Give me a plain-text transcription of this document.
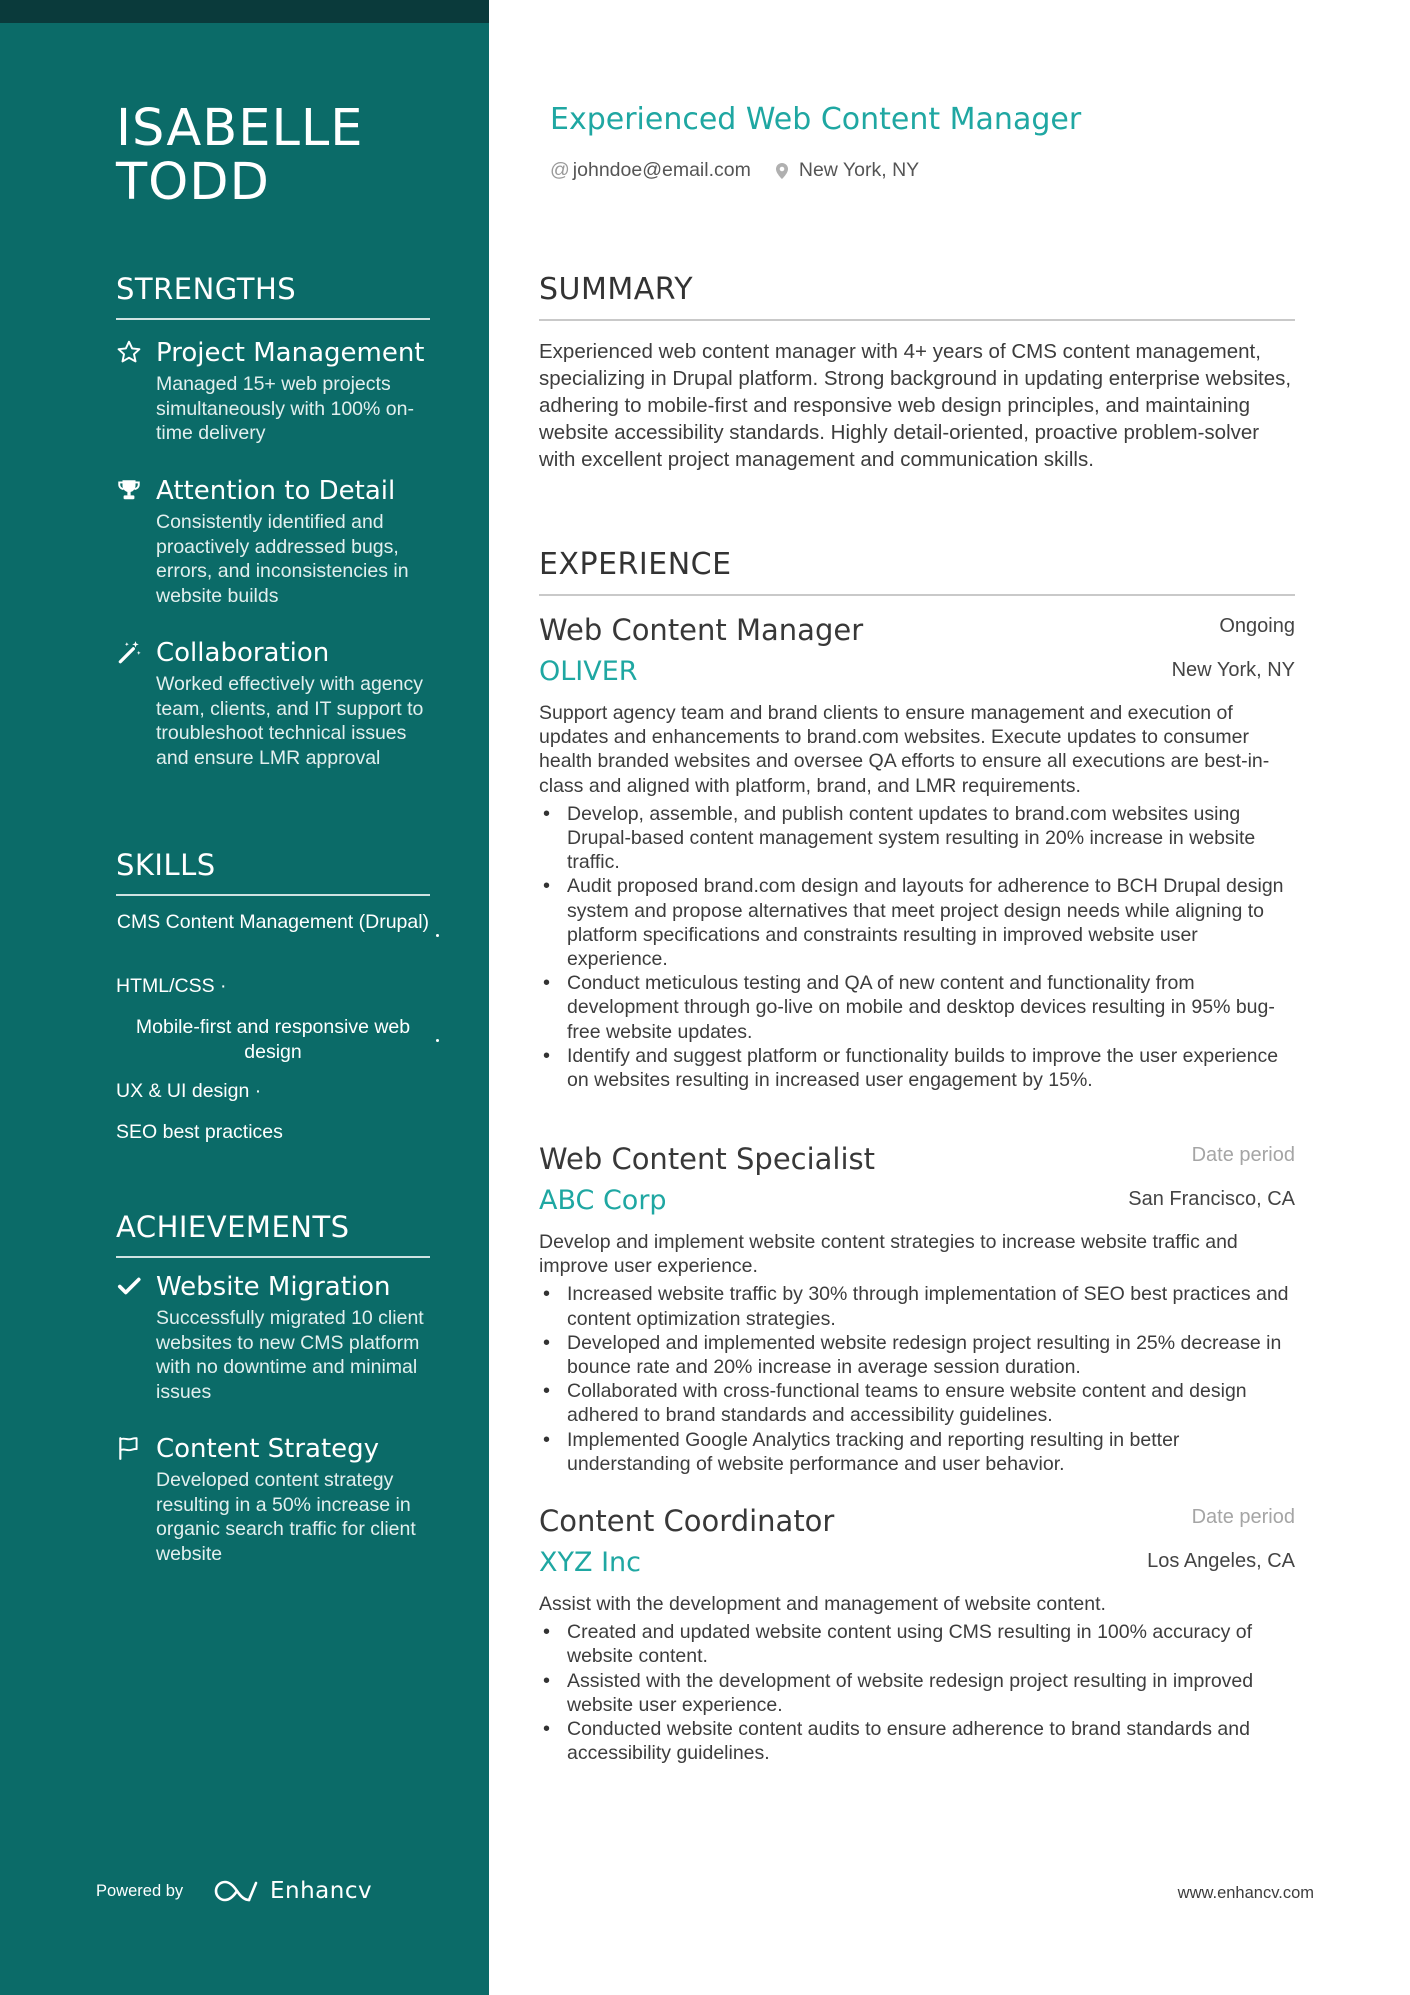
ISABELLE
TODD
STRENGTHS
Project Management
Managed 15+ web projects simultaneously with 100% on-time delivery
Attention to Detail
Consistently identified and proactively addressed bugs, errors, and inconsistencies in website builds
Collaboration
Worked effectively with agency team, clients, and IT support to troubleshoot technical issues and ensure LMR approval
SKILLS
CMS Content Management (Drupal)
HTML/CSS ·
Mobile-first and responsive web design
UX & UI design ·
SEO best practices
ACHIEVEMENTS
Website Migration
Successfully migrated 10 client websites to new CMS platform with no downtime and minimal issues
Content Strategy
Developed content strategy resulting in a 50% increase in organic search traffic for client website
Powered by	Enhancv
Experienced Web Content Manager
@ johndoe@email.com New York, NY
SUMMARY
Experienced web content manager with 4+ years of CMS content management, specializing in Drupal platform. Strong background in updating enterprise websites, adhering to mobile-first and responsive web design principles, and maintaining website accessibility standards. Highly detail-oriented, proactive problem-solver with excellent project management and communication skills.
EXPERIENCE
Web Content Manager	Ongoing
OLIVER	New York, NY
Support agency team and brand clients to ensure management and execution of updates and enhancements to brand.com websites. Execute updates to consumer health branded websites and oversee QA efforts to ensure all executions are best-in-class and aligned with platform, brand, and LMR requirements.
• Develop, assemble, and publish content updates to brand.com websites using Drupal-based content management system resulting in 20% increase in website traffic.
• Audit proposed brand.com design and layouts for adherence to BCH Drupal design system and propose alternatives that meet project design needs while aligning to platform specifications and constraints resulting in improved website user experience.
• Conduct meticulous testing and QA of new content and functionality from development through go-live on mobile and desktop devices resulting in 95% bug-free website updates.
• Identify and suggest platform or functionality builds to improve the user experience on websites resulting in increased user engagement by 15%.
Web Content Specialist	Date period
ABC Corp	San Francisco, CA
Develop and implement website content strategies to increase website traffic and improve user experience.
• Increased website traffic by 30% through implementation of SEO best practices and content optimization strategies.
• Developed and implemented website redesign project resulting in 25% decrease in bounce rate and 20% increase in average session duration.
• Collaborated with cross-functional teams to ensure website content and design adhered to brand standards and accessibility guidelines.
• Implemented Google Analytics tracking and reporting resulting in better understanding of website performance and user behavior.
Content Coordinator	Date period
XYZ Inc	Los Angeles, CA
Assist with the development and management of website content.
• Created and updated website content using CMS resulting in 100% accuracy of website content.
• Assisted with the development of website redesign project resulting in improved website user experience.
• Conducted website content audits to ensure adherence to brand standards and accessibility guidelines.
www.enhancv.com
